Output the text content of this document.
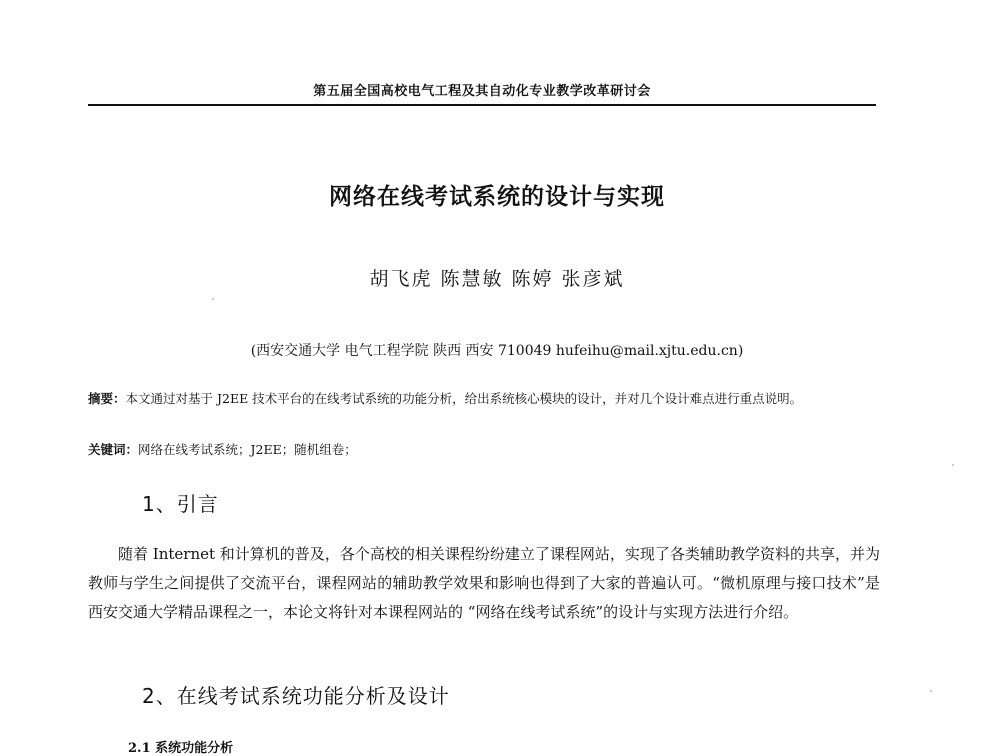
第五届全国高校电气工程及其自动化专业教学改革研讨会
网络在线考试系统的设计与实现
胡飞虎 陈慧敏 陈婷 张彦斌
(西安交通大学 电气工程学院 陕西 西安 710049 hufeihu@mail.xjtu.edu.cn)
摘要：本文通过对基于 J2EE 技术平台的在线考试系统的功能分析，给出系统核心模块的设计，并对几个设计难点进行重点说明。
关键词：网络在线考试系统；J2EE；随机组卷；
1、引言
随着 Internet 和计算机的普及，各个高校的相关课程纷纷建立了课程网站，实现了各类辅助教学资料的共享，并为教师与学生之间提供了交流平台，课程网站的辅助教学效果和影响也得到了大家的普遍认可。“微机原理与接口技术”是西安交通大学精品课程之一，本论文将针对本课程网站的 “网络在线考试系统”的设计与实现方法进行介绍。
2、在线考试系统功能分析及设计
2.1 系统功能分析
